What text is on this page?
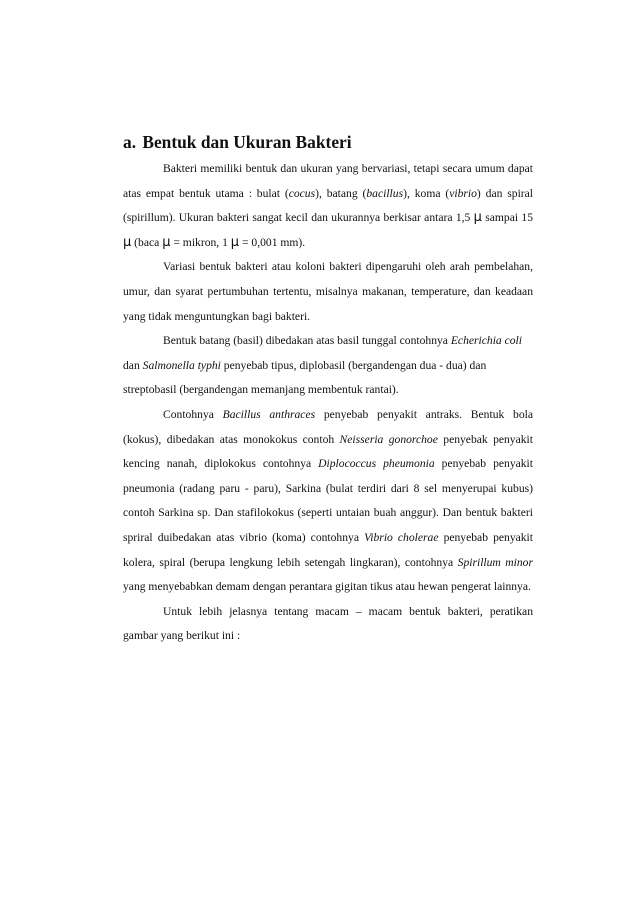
a. Bentuk dan Ukuran Bakteri

Bakteri memiliki bentuk dan ukuran yang bervariasi, tetapi secara umum dapat atas empat bentuk utama : bulat (cocus), batang (bacillus), koma (vibrio) dan spiral (spirillum). Ukuran bakteri sangat kecil dan ukurannya berkisar antara 1,5 μ sampai 15 μ (baca μ = mikron, 1 μ = 0,001 mm).

Variasi bentuk bakteri atau koloni bakteri dipengaruhi oleh arah pembelahan, umur, dan syarat pertumbuhan tertentu, misalnya makanan, temperature, dan keadaan yang tidak menguntungkan bagi bakteri.

Bentuk batang (basil) dibedakan atas basil tunggal contohnya Echerichia coli dan Salmonella typhi penyebab tipus, diplobasil (bergandengan dua - dua) dan streptobasil (bergandengan memanjang membentuk rantai).

Contohnya Bacillus anthraces penyebab penyakit antraks. Bentuk bola (kokus), dibedakan atas monokokus contoh Neisseria gonorchoe penyebak penyakit kencing nanah, diplokokus contohnya Diplococcus pheumonia penyebab penyakit pneumonia (radang paru - paru), Sarkina (bulat terdiri dari 8 sel menyerupai kubus) contoh Sarkina sp. Dan stafilokokus (seperti untaian buah anggur). Dan bentuk bakteri spriral duibedakan atas vibrio (koma) contohnya Vibrio cholerae penyebab penyakit kolera, spiral (berupa lengkung lebih setengah lingkaran), contohnya Spirillum minor yang menyebabkan demam dengan perantara gigitan tikus atau hewan pengerat lainnya.

Untuk lebih jelasnya tentang macam – macam bentuk bakteri, peratikan gambar yang berikut ini :
